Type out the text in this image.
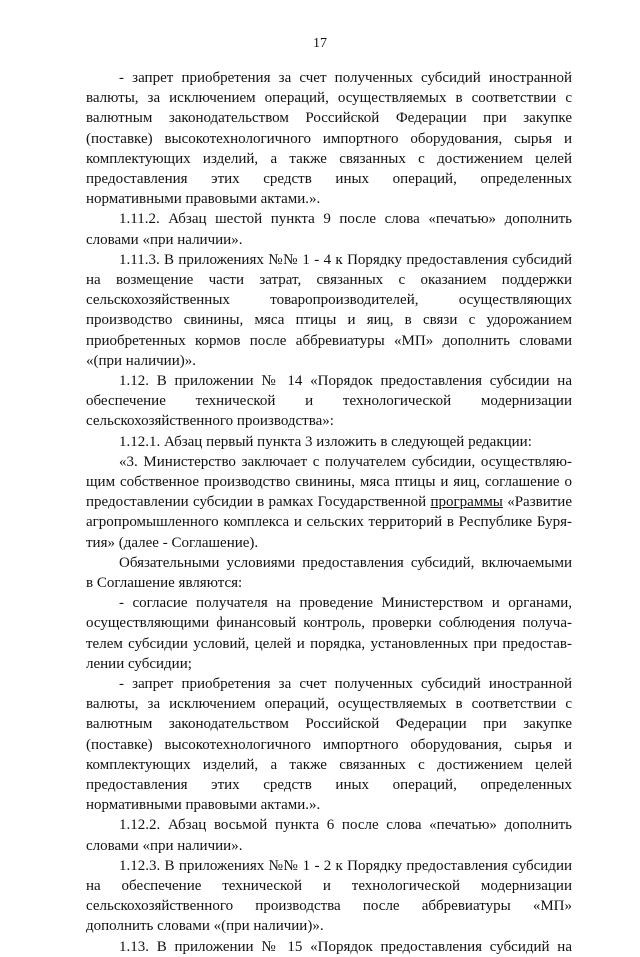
17
- запрет приобретения за счет полученных субсидий иностранной
валюты, за исключением операций, осуществляемых в соответствии с
валютным законодательством Российской Федерации при закупке
(поставке) высокотехнологичного импортного оборудования, сырья и
комплектующих изделий, а также связанных с достижением целей
предоставления этих средств иных операций, определенных
нормативными правовыми актами.».
1.11.2. Абзац шестой пункта 9 после слова «печатью» дополнить
словами «при наличии».
1.11.3. В приложениях №№ 1 - 4 к Порядку предоставления субсидий
на возмещение части затрат, связанных с оказанием поддержки
сельскохозяйственных товаропроизводителей, осуществляющих
производство свинины, мяса птицы и яиц, в связи с удорожанием
приобретенных кормов после аббревиатуры «МП» дополнить словами
«(при наличии)».
1.12. В приложении № 14 «Порядок предоставления субсидии на
обеспечение технической и технологической модернизации
сельскохозяйственного производства»:
1.12.1. Абзац первый пункта 3 изложить в следующей редакции:
«3. Министерство заключает с получателем субсидии, осуществляю-
щим собственное производство свинины, мяса птицы и яиц, соглашение о
предоставлении субсидии в рамках Государственной программы «Развитие
агропромышленного комплекса и сельских территорий в Республике Буря-
тия» (далее - Соглашение).
Обязательными условиями предоставления субсидий, включаемыми
в Соглашение являются:
- согласие получателя на проведение Министерством и органами,
осуществляющими финансовый контроль, проверки соблюдения получа-
телем субсидии условий, целей и порядка, установленных при предостав-
лении субсидии;
- запрет приобретения за счет полученных субсидий иностранной
валюты, за исключением операций, осуществляемых в соответствии с
валютным законодательством Российской Федерации при закупке
(поставке) высокотехнологичного импортного оборудования, сырья и
комплектующих изделий, а также связанных с достижением целей
предоставления этих средств иных операций, определенных
нормативными правовыми актами.».
1.12.2. Абзац восьмой пункта 6 после слова «печатью» дополнить
словами «при наличии».
1.12.3. В приложениях №№ 1 - 2 к Порядку предоставления субсидии
на обеспечение технической и технологической модернизации
сельскохозяйственного производства после аббревиатуры «МП»
дополнить словами «(при наличии)».
1.13. В приложении № 15 «Порядок предоставления субсидий на
